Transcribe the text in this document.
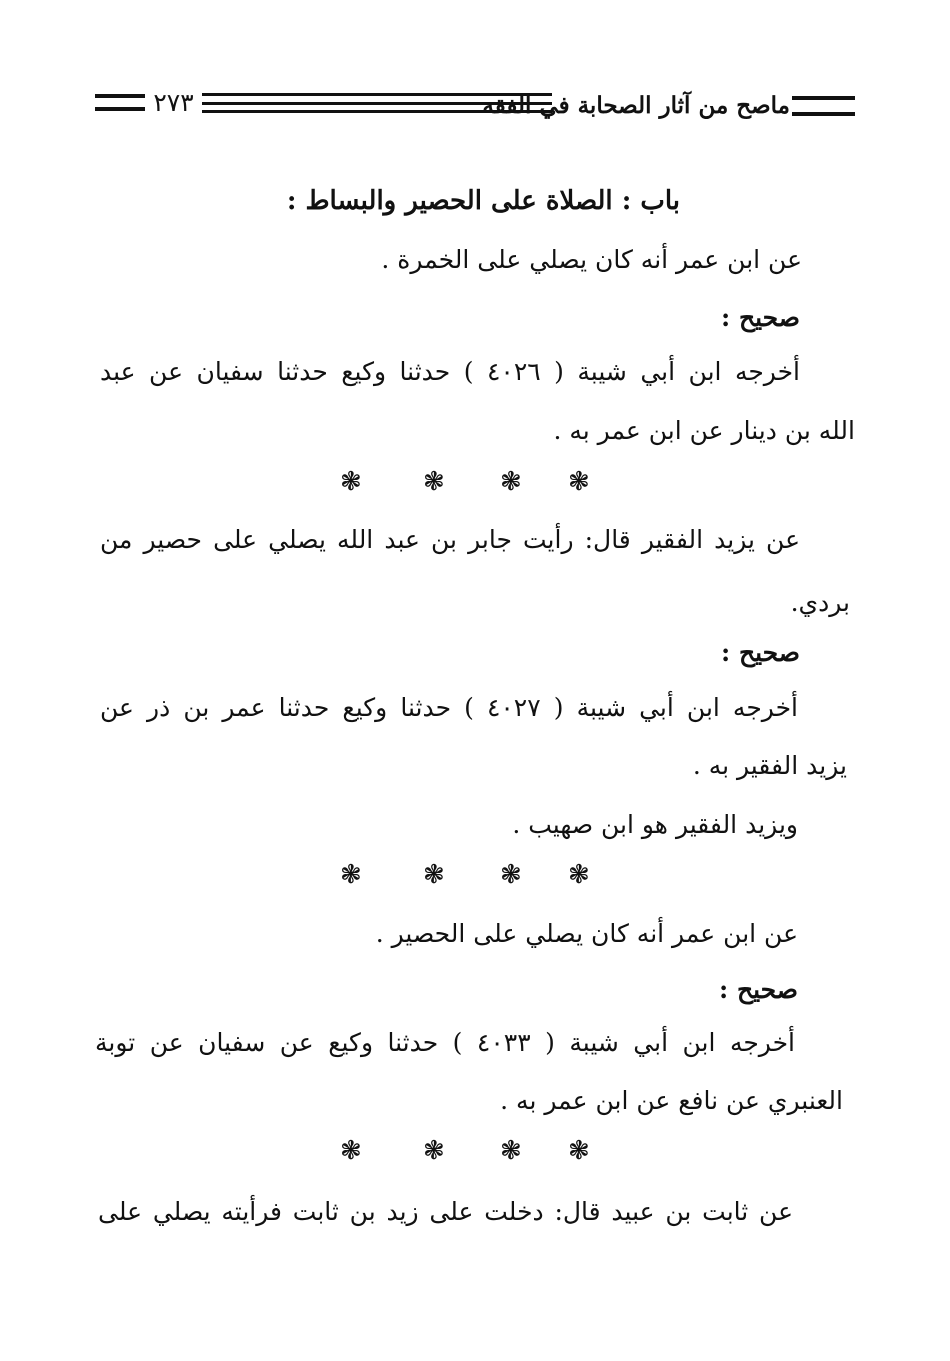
٢٧٣	ماصح من آثار الصحابة في الفقه
باب : الصلاة على الحصير والبساط :
عن ابن عمر أنه كان يصلي على الخمرة .
صحيح :
أخرجه ابن أبي شيبة ( ٤٠٢٦ ) حدثنا وكيع حدثنا سفيان عن عبد
الله بن دينار عن ابن عمر به .
❃ ❃ ❃ ❃
عن يزيد الفقير قال: رأيت جابر بن عبد الله يصلي على حصير من
بردي.
صحيح :
أخرجه ابن أبي شيبة ( ٤٠٢٧ ) حدثنا وكيع حدثنا عمر بن ذر عن
يزيد الفقير به .
ويزيد الفقير هو ابن صهيب .
❃ ❃ ❃ ❃
عن ابن عمر أنه كان يصلي على الحصير .
صحيح :
أخرجه ابن أبي شيبة ( ٤٠٣٣ ) حدثنا وكيع عن سفيان عن توبة
العنبري عن نافع عن ابن عمر به .
❃ ❃ ❃ ❃
عن ثابت بن عبيد قال: دخلت على زيد بن ثابت فرأيته يصلي على
